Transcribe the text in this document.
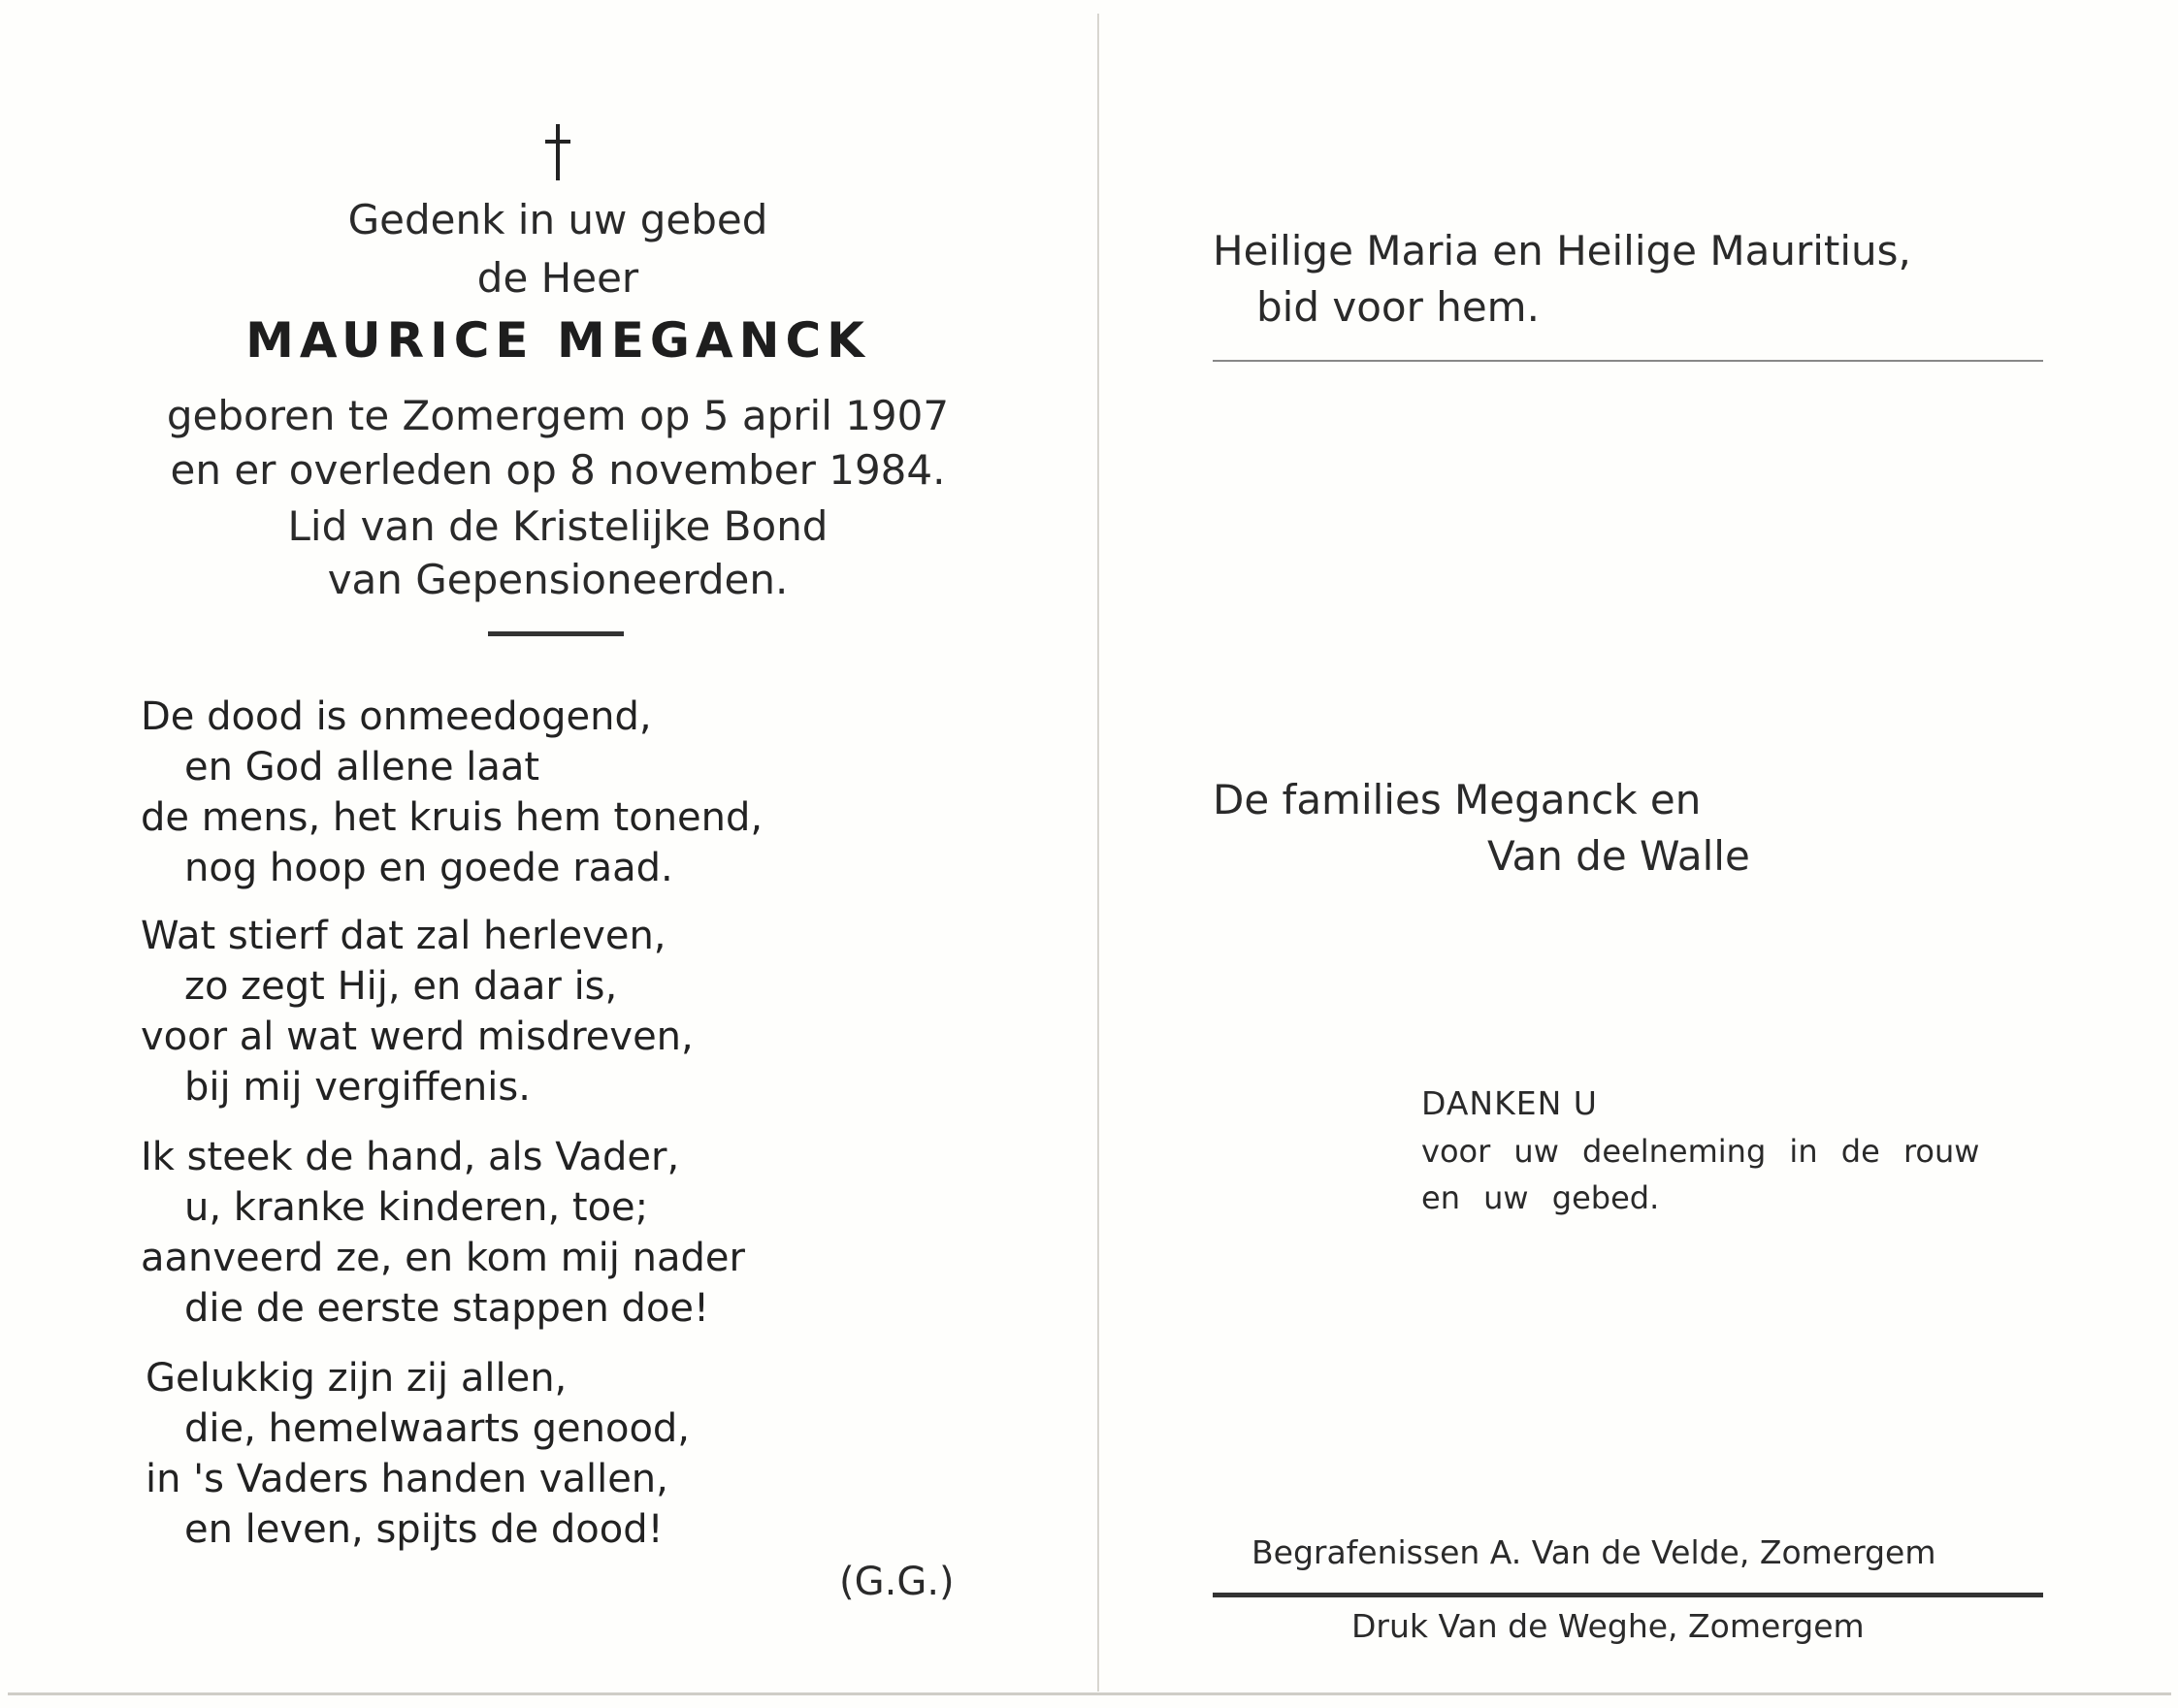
Gedenk in uw gebed
de Heer
MAURICE MEGANCK
geboren te Zomergem op 5 april 1907
en er overleden op 8 november 1984.
Lid van de Kristelijke Bond
van Gepensioneerden.
De dood is onmeedogend,
en God allene laat
de mens, het kruis hem tonend,
nog hoop en goede raad.
Wat stierf dat zal herleven,
zo zegt Hij, en daar is,
voor al wat werd misdreven,
bij mij vergiffenis.
Ik steek de hand, als Vader,
u, kranke kinderen, toe;
aanveerd ze, en kom mij nader
die de eerste stappen doe!
Gelukkig zijn zij allen,
die, hemelwaarts genood,
in 's Vaders handen vallen,
en leven, spijts de dood!
(G.G.)
Heilige Maria en Heilige Mauritius,
bid voor hem.
De families Meganck en
Van de Walle
DANKEN U
voor uw deelneming in de rouw
en uw gebed.
Begrafenissen A. Van de Velde, Zomergem
Druk Van de Weghe, Zomergem
